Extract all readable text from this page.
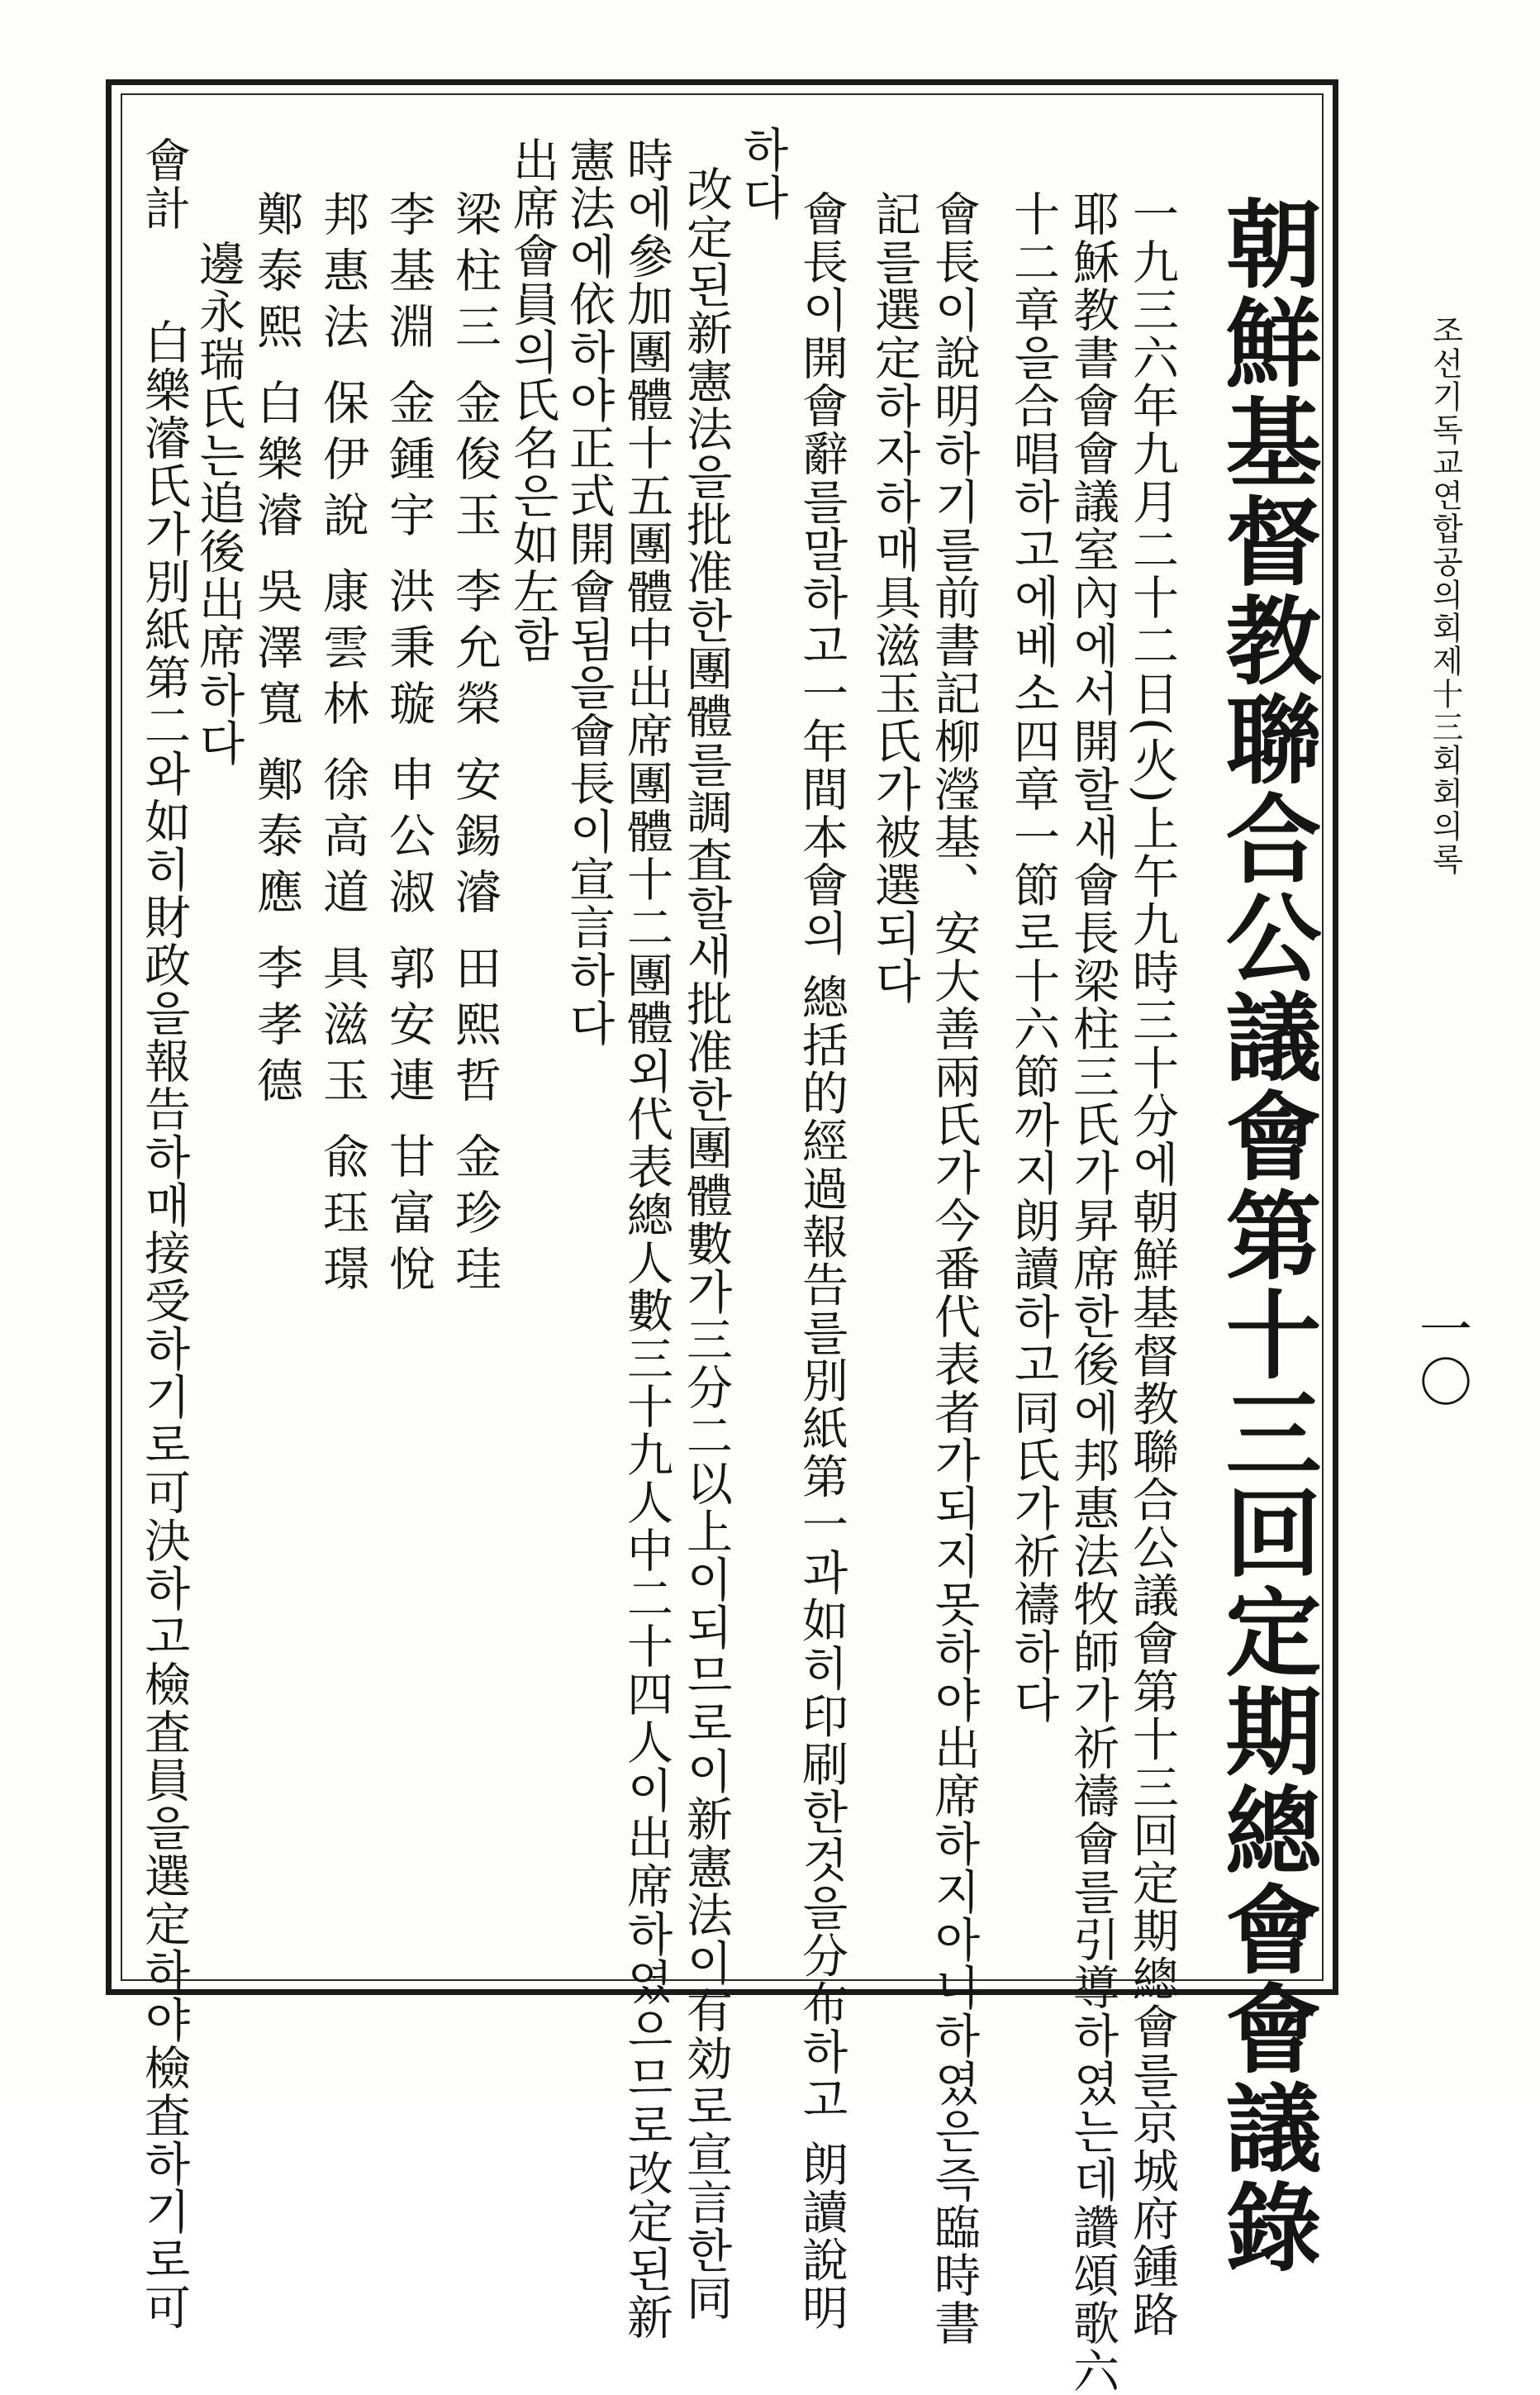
조선기독교연합공의회제十三회회의록
一〇
朝鮮基督教聯合公議會第十三回定期總會會議錄
一九三六年九月二十二日(火)上午九時三十分에朝鮮基督教聯合公議會第十三回定期總會를京城府鍾路
耶穌教書會會議室內에서開할새會長梁柱三氏가昇席한後에邦惠法牧師가祈禱會를引導하였는데讚頌歌六
十二章을合唱하고에베소四章一節로十六節까지朗讀하고同氏가祈禱하다
會長이說明하기를前書記柳瀅基、安大善兩氏가今番代表者가되지못하야出席하지아니하였은즉臨時書
記를選定하자하매具滋玉氏가被選되다
會長이開會辭를말하고一年間本會의 總括的經過報告를別紙第一과如히印刷한것을分布하고 朗讀說明
하다
改定된新憲法을批准한團體를調査할새批准한團體數가三分二以上이되므로이新憲法이有効로宣言한同
時에參加團體十五團體中出席團體十二團體외代表總人數三十九人中二十四人이出席하였으므로改定된新
憲法에依하야正式開會됨을會長이宣言하다
出席會員의氏名은如左함
梁柱三
金俊玉
李允榮
安錫濬
田熙哲
金珍珪
李基淵
金鍾宇
洪秉璇
申公淑
郭安連
甘富悅
邦惠法
保伊說
康雲林
徐高道
具滋玉
兪珏璟
鄭泰熙
白樂濬
吳澤寬
鄭泰應
李孝德
邊永瑞氏는追後出席하다
會計
白樂濬氏가別紙第二와如히財政을報告하매接受하기로可決하고檢査員을選定하야檢査하기로可
